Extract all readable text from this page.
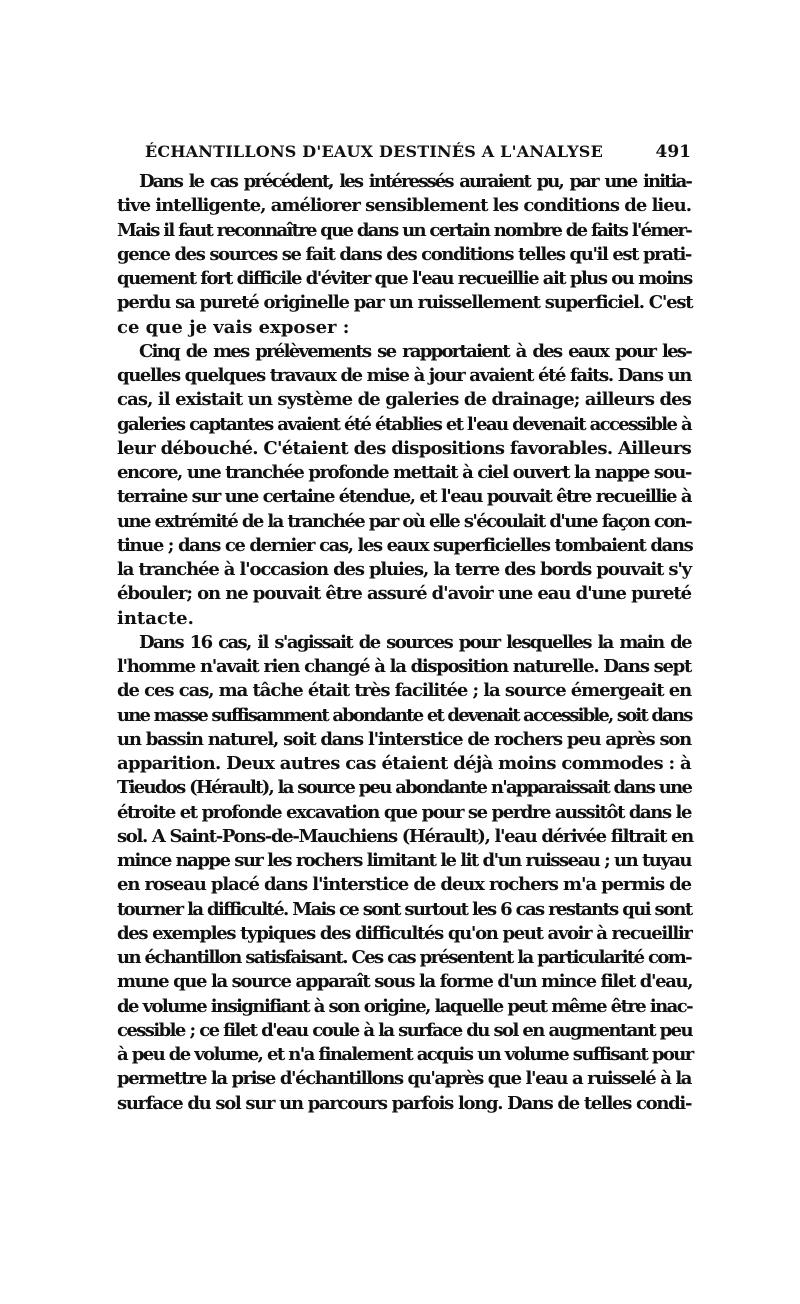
ÉCHANTILLONS D'EAUX DESTINÉS A L'ANALYSE	491
Dans le cas précédent, les intéressés auraient pu, par une initia-
tive intelligente, améliorer sensiblement les conditions de lieu.
Mais il faut reconnaître que dans un certain nombre de faits l'émer-
gence des sources se fait dans des conditions telles qu'il est prati-
quement fort difficile d'éviter que l'eau recueillie ait plus ou moins
perdu sa pureté originelle par un ruissellement superficiel. C'est
ce que je vais exposer :
Cinq de mes prélèvements se rapportaient à des eaux pour les-
quelles quelques travaux de mise à jour avaient été faits. Dans un
cas, il existait un système de galeries de drainage; ailleurs des
galeries captantes avaient été établies et l'eau devenait accessible à
leur débouché. C'étaient des dispositions favorables. Ailleurs
encore, une tranchée profonde mettait à ciel ouvert la nappe sou-
terraine sur une certaine étendue, et l'eau pouvait être recueillie à
une extrémité de la tranchée par où elle s'écoulait d'une façon con-
tinue ; dans ce dernier cas, les eaux superficielles tombaient dans
la tranchée à l'occasion des pluies, la terre des bords pouvait s'y
ébouler; on ne pouvait être assuré d'avoir une eau d'une pureté
intacte.
Dans 16 cas, il s'agissait de sources pour lesquelles la main de
l'homme n'avait rien changé à la disposition naturelle. Dans sept
de ces cas, ma tâche était très facilitée ; la source émergeait en
une masse suffisamment abondante et devenait accessible, soit dans
un bassin naturel, soit dans l'interstice de rochers peu après son
apparition. Deux autres cas étaient déjà moins commodes : à
Tieudos (Hérault), la source peu abondante n'apparaissait dans une
étroite et profonde excavation que pour se perdre aussitôt dans le
sol. A Saint-Pons-de-Mauchiens (Hérault), l'eau dérivée filtrait en
mince nappe sur les rochers limitant le lit d'un ruisseau ; un tuyau
en roseau placé dans l'interstice de deux rochers m'a permis de
tourner la difficulté. Mais ce sont surtout les 6 cas restants qui sont
des exemples typiques des difficultés qu'on peut avoir à recueillir
un échantillon satisfaisant. Ces cas présentent la particularité com-
mune que la source apparaît sous la forme d'un mince filet d'eau,
de volume insignifiant à son origine, laquelle peut même être inac-
cessible ; ce filet d'eau coule à la surface du sol en augmentant peu
à peu de volume, et n'a finalement acquis un volume suffisant pour
permettre la prise d'échantillons qu'après que l'eau a ruisselé à la
surface du sol sur un parcours parfois long. Dans de telles condi-
